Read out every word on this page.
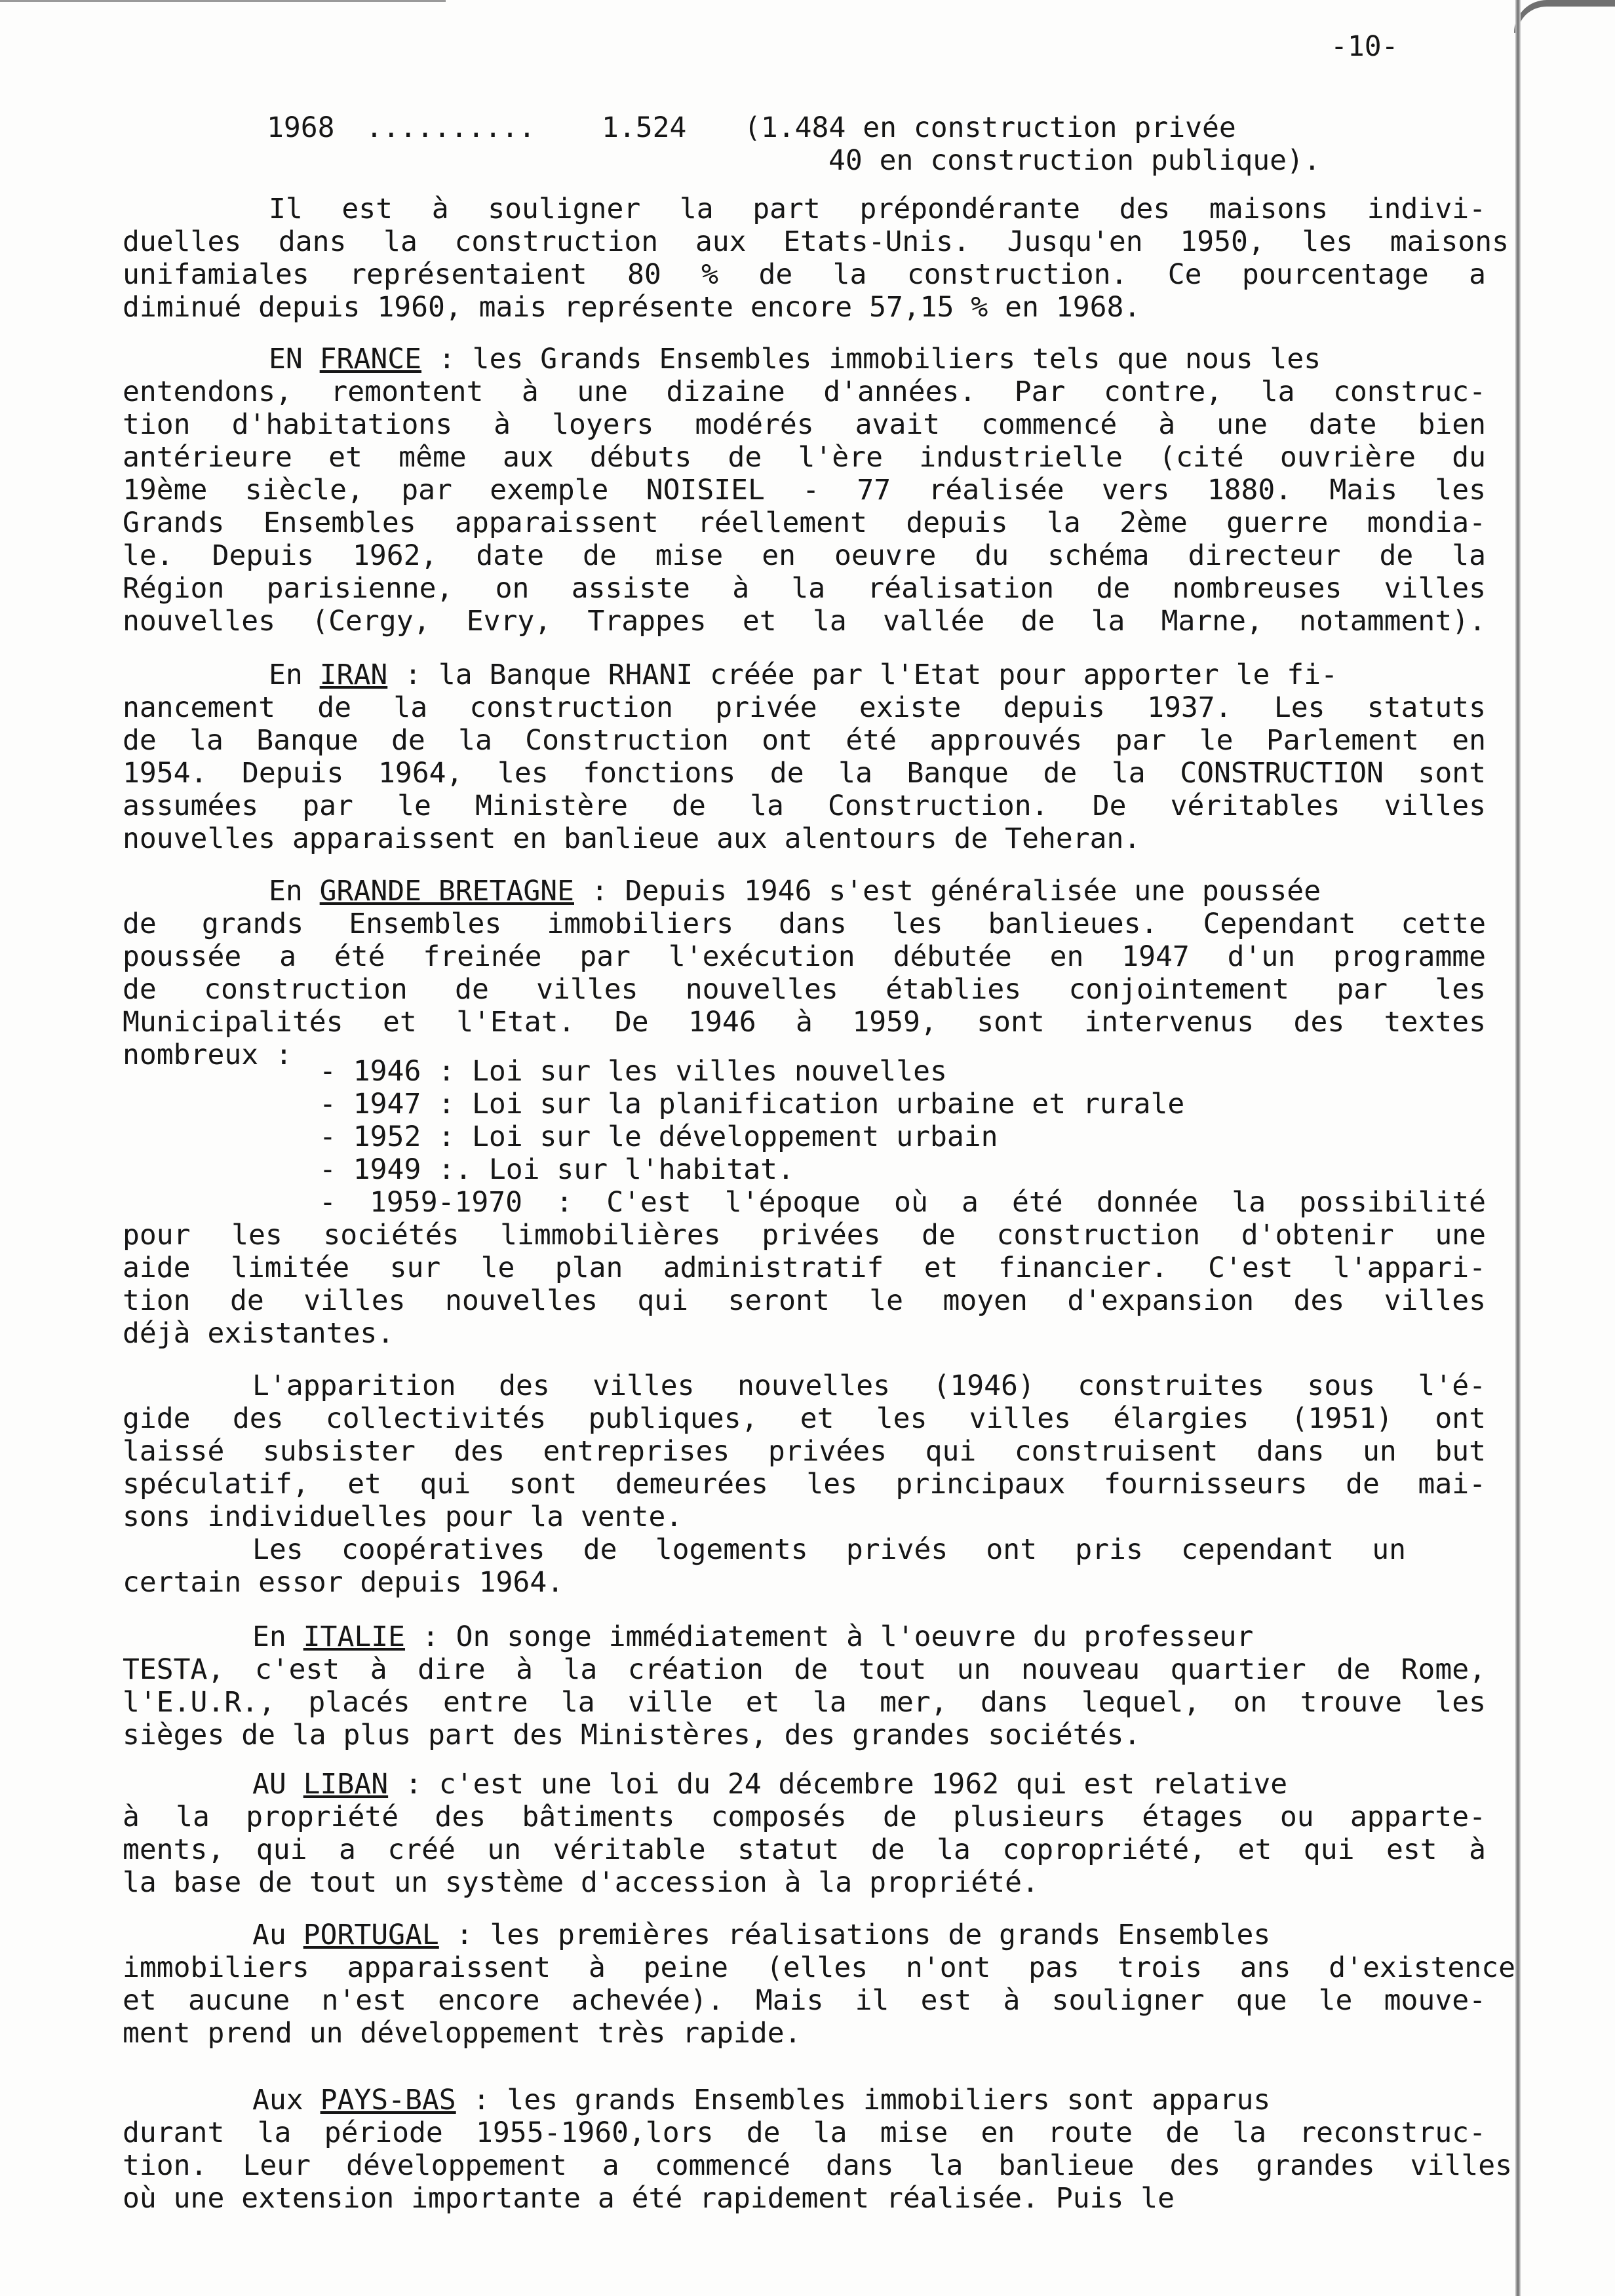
-10-
1968 .......... 1.524 (1.484 en construction privée
40 en construction publique).
Il est à souligner la part prépondérante des maisons indivi-
duelles dans la construction aux Etats-Unis. Jusqu'en 1950, les maisons
unifamiales représentaient 80 % de la construction. Ce pourcentage a
diminué depuis 1960, mais représente encore 57,15 % en 1968.
EN FRANCE : les Grands Ensembles immobiliers tels que nous les
entendons, remontent à une dizaine d'années. Par contre, la construc-
tion d'habitations à loyers modérés avait commencé à une date bien
antérieure et même aux débuts de l'ère industrielle (cité ouvrière du
19ème siècle, par exemple NOISIEL - 77 réalisée vers 1880. Mais les
Grands Ensembles apparaissent réellement depuis la 2ème guerre mondia-
le. Depuis 1962, date de mise en oeuvre du schéma directeur de la
Région parisienne, on assiste à la réalisation de nombreuses villes
nouvelles (Cergy, Evry, Trappes et la vallée de la Marne, notamment).
En IRAN : la Banque RHANI créée par l'Etat pour apporter le fi-
nancement de la construction privée existe depuis 1937. Les statuts
de la Banque de la Construction ont été approuvés par le Parlement en
1954. Depuis 1964, les fonctions de la Banque de la CONSTRUCTION sont
assumées par le Ministère de la Construction. De véritables villes
nouvelles apparaissent en banlieue aux alentours de Teheran.
En GRANDE BRETAGNE : Depuis 1946 s'est généralisée une poussée
de grands Ensembles immobiliers dans les banlieues. Cependant cette
poussée a été freinée par l'exécution débutée en 1947 d'un programme
de construction de villes nouvelles établies conjointement par les
Municipalités et l'Etat. De 1946 à 1959, sont intervenus des textes
nombreux : - 1946 : Loi sur les villes nouvelles
- 1947 : Loi sur la planification urbaine et rurale
- 1952 : Loi sur le développement urbain
- 1949 :. Loi sur l'habitat.
- 1959-1970 : C'est l'époque où a été donnée la possibilité
pour les sociétés limmobilières privées de construction d'obtenir une
aide limitée sur le plan administratif et financier. C'est l'appari-
tion de villes nouvelles qui seront le moyen d'expansion des villes
déjà existantes.
L'apparition des villes nouvelles (1946) construites sous l'é-
gide des collectivités publiques, et les villes élargies (1951) ont
laissé subsister des entreprises privées qui construisent dans un but
spéculatif, et qui sont demeurées les principaux fournisseurs de mai-
sons individuelles pour la vente.
Les coopératives de logements privés ont pris cependant un
certain essor depuis 1964.
En ITALIE : On songe immédiatement à l'oeuvre du professeur
TESTA, c'est à dire à la création de tout un nouveau quartier de Rome,
l'E.U.R., placés entre la ville et la mer, dans lequel, on trouve les
sièges de la plus part des Ministères, des grandes sociétés.
AU LIBAN : c'est une loi du 24 décembre 1962 qui est relative
à la propriété des bâtiments composés de plusieurs étages ou apparte-
ments, qui a créé un véritable statut de la copropriété, et qui est à
la base de tout un système d'accession à la propriété.
Au PORTUGAL : les premières réalisations de grands Ensembles
immobiliers apparaissent à peine (elles n'ont pas trois ans d'existence
et aucune n'est encore achevée). Mais il est à souligner que le mouve-
ment prend un développement très rapide.
Aux PAYS-BAS : les grands Ensembles immobiliers sont apparus
durant la période 1955-1960,lors de la mise en route de la reconstruc-
tion. Leur développement a commencé dans la banlieue des grandes villes
où une extension importante a été rapidement réalisée. Puis le
